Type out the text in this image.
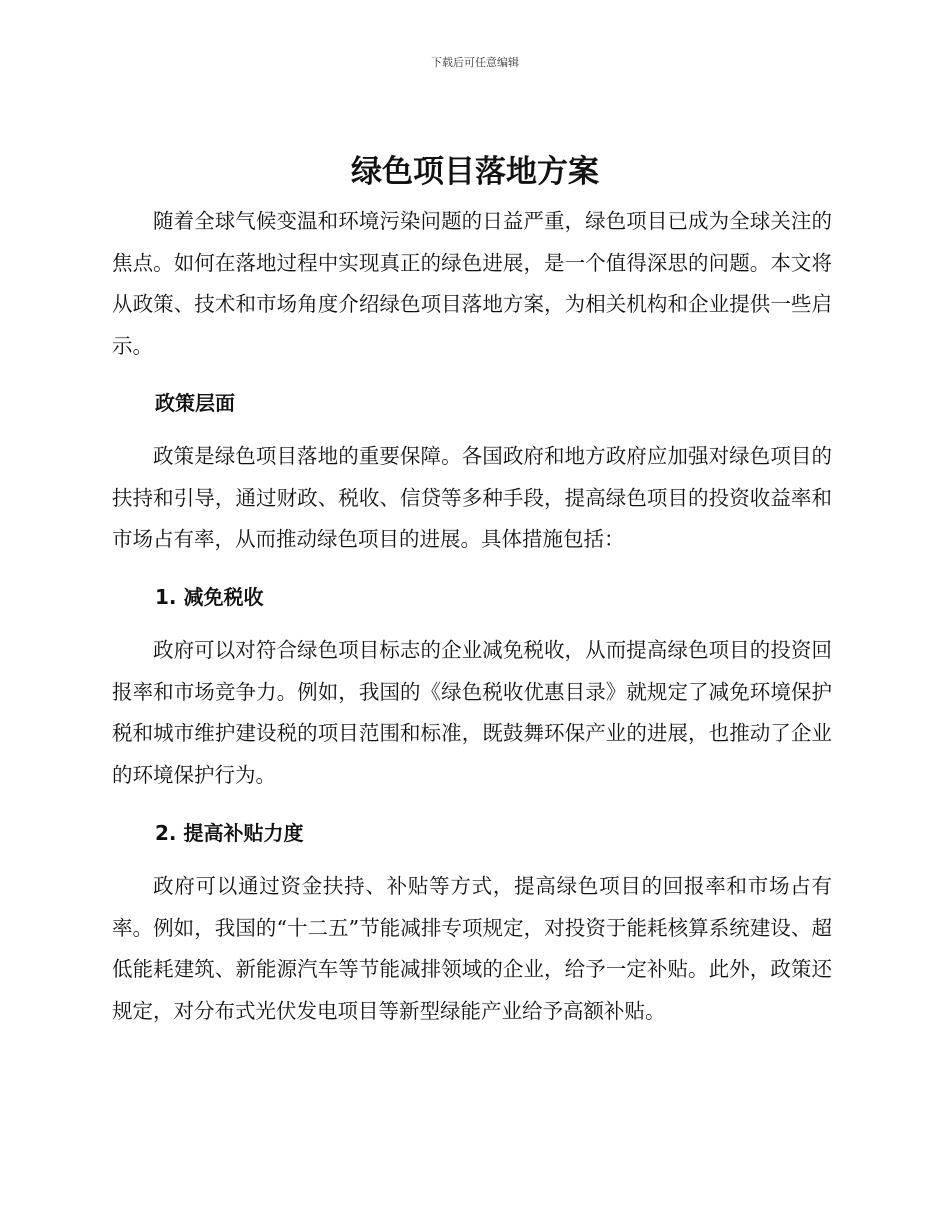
下载后可任意编辑
绿色项目落地方案

随着全球气候变温和环境污染问题的日益严重，绿色项目已成为全球关注的焦点。如何在落地过程中实现真正的绿色进展，是一个值得深思的问题。本文将从政策、技术和市场角度介绍绿色项目落地方案，为相关机构和企业提供一些启示。

政策层面

政策是绿色项目落地的重要保障。各国政府和地方政府应加强对绿色项目的扶持和引导，通过财政、税收、信贷等多种手段，提高绿色项目的投资收益率和市场占有率，从而推动绿色项目的进展。具体措施包括：

1. 减免税收

政府可以对符合绿色项目标志的企业减免税收，从而提高绿色项目的投资回报率和市场竞争力。例如，我国的《绿色税收优惠目录》就规定了减免环境保护税和城市维护建设税的项目范围和标准，既鼓舞环保产业的进展，也推动了企业的环境保护行为。

2. 提高补贴力度

政府可以通过资金扶持、补贴等方式，提高绿色项目的回报率和市场占有率。例如，我国的“十二五”节能减排专项规定，对投资于能耗核算系统建设、超低能耗建筑、新能源汽车等节能减排领域的企业，给予一定补贴。此外，政策还规定，对分布式光伏发电项目等新型绿能产业给予高额补贴。
